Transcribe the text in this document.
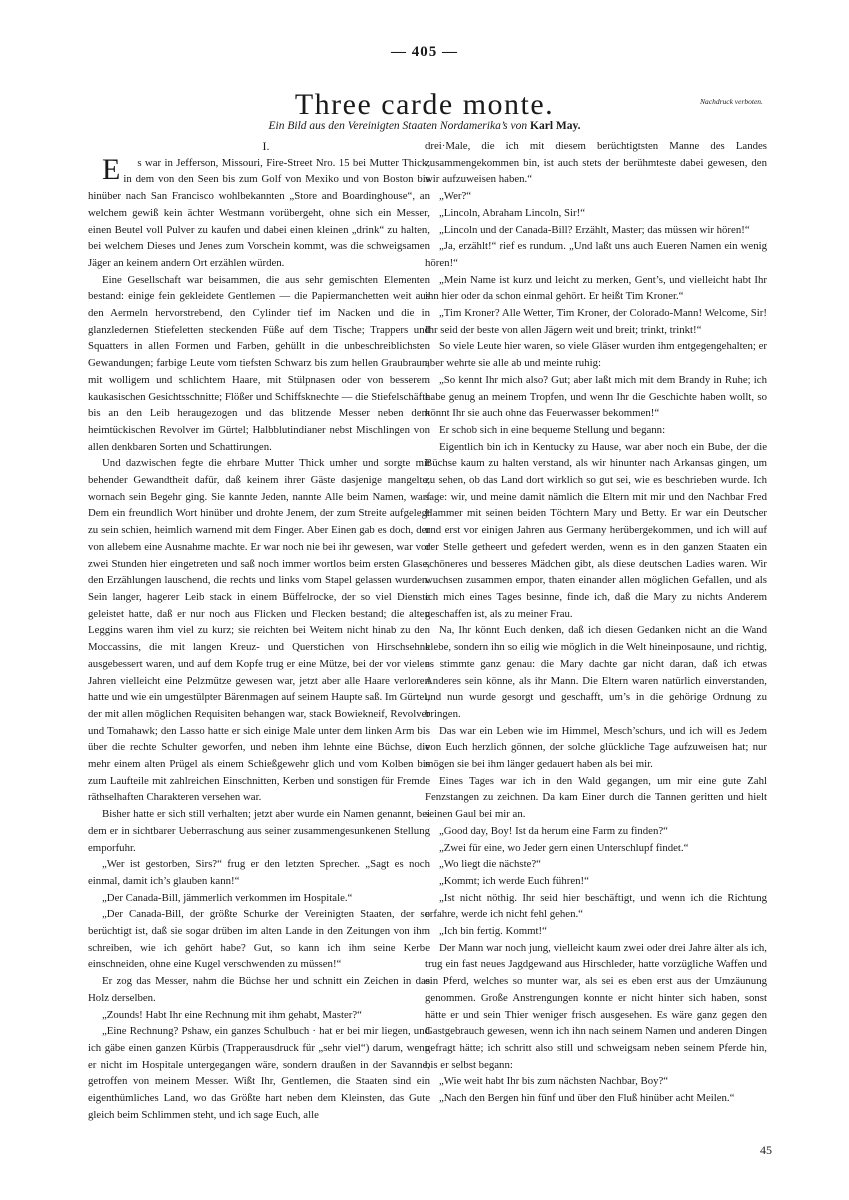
— 405 —
Three carde monte.	Nachdruck verboten.
Ein Bild aus den Vereinigten Staaten Nordamerika’s von Karl May.

I.

Es war in Jefferson, Missouri, Fire-Street Nro. 15 bei Mutter Thick, in dem von den Seen bis zum Golf von Mexiko und von Boston bis hinüber nach San Francisco wohlbekannten „Store and Boardinghouse“, an welchem gewiß kein ächter Westmann vorübergeht, ohne sich ein Messer, einen Beutel voll Pulver zu kaufen und dabei einen kleinen „drink“ zu halten, bei welchem Dieses und Jenes zum Vorschein kommt, was die schweigsamen Jäger an keinem andern Ort erzählen würden.

Eine Gesellschaft war beisammen, die aus sehr gemischten Elementen bestand: einige fein gekleidete Gentlemen — die Papiermanchetten weit aus den Aermeln hervorstrebend, den Cylinder tief im Nacken und die in glanzledernen Stiefeletten steckenden Füße auf dem Tische; Trappers und Squatters in allen Formen und Farben, gehüllt in die unbeschreiblichsten Gewandungen; farbige Leute vom tiefsten Schwarz bis zum hellen Graubraun, mit wolligem und schlichtem Haare, mit Stülpnasen oder von besserem kaukasischen Gesichtsschnitte; Flößer und Schiffsknechte — die Stiefelschäfte bis an den Leib heraugezogen und das blitzende Messer neben dem heimtückischen Revolver im Gürtel; Halbblutindianer nebst Mischlingen von allen denkbaren Sorten und Schattirungen.

Und dazwischen fegte die ehrbare Mutter Thick umher und sorgte mit behender Gewandtheit dafür, daß keinem ihrer Gäste dasjenige mangelte, wornach sein Begehr ging. Sie kannte Jeden, nannte Alle beim Namen, warf Dem ein freundlich Wort hinüber und drohte Jenem, der zum Streite aufgelegt zu sein schien, heimlich warnend mit dem Finger. Aber Einen gab es doch, der von allebem eine Ausnahme machte. Er war noch nie bei ihr gewesen, war vor zwei Stunden hier eingetreten und saß noch immer wortlos beim ersten Glase, den Erzählungen lauschend, die rechts und links vom Stapel gelassen wurden. Sein langer, hagerer Leib stack in einem Büffelrocke, der so viel Dienste geleistet hatte, daß er nur noch aus Flicken und Flecken bestand; die alten Leggins waren ihm viel zu kurz; sie reichten bei Weitem nicht hinab zu den Moccassins, die mit langen Kreuz- und Querstichen von Hirschsehne ausgebessert waren, und auf dem Kopfe trug er eine Mütze, bei der vor vielen Jahren vielleicht eine Pelzmütze gewesen war, jetzt aber alle Haare verloren hatte und wie ein umgestülpter Bärenmagen auf seinem Haupte saß. Im Gürtel, der mit allen möglichen Requisiten behangen war, stack Bowiekneif, Revolver und Tomahawk; den Lasso hatte er sich einige Male unter dem linken Arm bis über die rechte Schulter geworfen, und neben ihm lehnte eine Büchse, die mehr einem alten Prügel als einem Schießgewehr glich und vom Kolben bis zum Laufteile mit zahlreichen Einschnitten, Kerben und sonstigen für Fremde räthselhaften Charakteren versehen war.

Bisher hatte er sich still verhalten; jetzt aber wurde ein Namen genannt, bei dem er in sichtbarer Ueberraschung aus seiner zusammengesunkenen Stellung emporfuhr.

„Wer ist gestorben, Sirs?“ frug er den letzten Sprecher. „Sagt es noch einmal, damit ich’s glauben kann!“

„Der Canada-Bill, jämmerlich verkommen im Hospitale.“

„Der Canada-Bill, der größte Schurke der Vereinigten Staaten, der so berüchtigt ist, daß sie sogar drüben im alten Lande in den Zeitungen von ihm schreiben, wie ich gehört habe? Gut, so kann ich ihm seine Kerbe einschneiden, ohne eine Kugel verschwenden zu müssen!“

Er zog das Messer, nahm die Büchse her und schnitt ein Zeichen in das Holz derselben.

„Zounds! Habt Ihr eine Rechnung mit ihm gehabt, Master?“

„Eine Rechnung? Pshaw, ein ganzes Schulbuch · hat er bei mir liegen, und ich gäbe einen ganzen Kürbis (Trapperausdruck für „sehr viel“) darum, wenn er nicht im Hospitale untergegangen wäre, sondern draußen in der Savanne, getroffen von meinem Messer. Wißt Ihr, Gentlemen, die Staaten sind ein eigenthümliches Land, wo das Größte hart neben dem Kleinsten, das Gute gleich beim Schlimmen steht, und ich sage Euch, alle

drei·Male, die ich mit diesem berüchtigtsten Manne des Landes zusammengekommen bin, ist auch stets der berühmteste dabei gewesen, den wir aufzuweisen haben.“

„Wer?“

„Lincoln, Abraham Lincoln, Sir!“

„Lincoln und der Canada-Bill? Erzählt, Master; das müssen wir hören!“

„Ja, erzählt!“ rief es rundum. „Und laßt uns auch Eueren Namen ein wenig hören!“

„Mein Name ist kurz und leicht zu merken, Gent’s, und vielleicht habt Ihr ihn hier oder da schon einmal gehört. Er heißt Tim Kroner.“

„Tim Kroner? Alle Wetter, Tim Kroner, der Colorado-Mann! Welcome, Sir! Ihr seid der beste von allen Jägern weit und breit; trinkt, trinkt!“

So viele Leute hier waren, so viele Gläser wurden ihm entgegengehalten; er aber wehrte sie alle ab und meinte ruhig:

„So kennt Ihr mich also? Gut; aber laßt mich mit dem Brandy in Ruhe; ich habe genug an meinem Tropfen, und wenn Ihr die Geschichte haben wollt, so könnt Ihr sie auch ohne das Feuerwasser bekommen!“

Er schob sich in eine bequeme Stellung und begann:

Eigentlich bin ich in Kentucky zu Hause, war aber noch ein Bube, der die Büchse kaum zu halten verstand, als wir hinunter nach Arkansas gingen, um zu sehen, ob das Land dort wirklich so gut sei, wie es beschrieben wurde. Ich sage: wir, und meine damit nämlich die Eltern mit mir und den Nachbar Fred Hammer mit seinen beiden Töchtern Mary und Betty. Er war ein Deutscher und erst vor einigen Jahren aus Germany herübergekommen, und ich will auf der Stelle getheert und gefedert werden, wenn es in den ganzen Staaten ein schöneres und besseres Mädchen gibt, als diese deutschen Ladies waren. Wir wuchsen zusammen empor, thaten einander allen möglichen Gefallen, und als ich mich eines Tages besinne, finde ich, daß die Mary zu nichts Anderem geschaffen ist, als zu meiner Frau.

Na, Ihr könnt Euch denken, daß ich diesen Gedanken nicht an die Wand klebe, sondern ihn so eilig wie möglich in die Welt hineinposaune, und richtig, es stimmte ganz genau: die Mary dachte gar nicht daran, daß ich etwas Anderes sein könne, als ihr Mann. Die Eltern waren natürlich einverstanden, und nun wurde gesorgt und geschafft, um’s in die gehörige Ordnung zu bringen.

Das war ein Leben wie im Himmel, Mesch’schurs, und ich will es Jedem von Euch herzlich gönnen, der solche glückliche Tage aufzuweisen hat; nur mögen sie bei ihm länger gedauert haben als bei mir.

Eines Tages war ich in den Wald gegangen, um mir eine gute Zahl Fenzstangen zu zeichnen. Da kam Einer durch die Tannen geritten und hielt seinen Gaul bei mir an.

„Good day, Boy! Ist da herum eine Farm zu finden?“

„Zwei für eine, wo Jeder gern einen Unterschlupf findet.“

„Wo liegt die nächste?“

„Kommt; ich werde Euch führen!“

„Ist nicht nöthig. Ihr seid hier beschäftigt, und wenn ich die Richtung erfahre, werde ich nicht fehl gehen.“

„Ich bin fertig. Kommt!“

Der Mann war noch jung, vielleicht kaum zwei oder drei Jahre älter als ich, trug ein fast neues Jagdgewand aus Hirschleder, hatte vorzügliche Waffen und ein Pferd, welches so munter war, als sei es eben erst aus der Umzäunung genommen. Große Anstrengungen konnte er nicht hinter sich haben, sonst hätte er und sein Thier weniger frisch ausgesehen. Es wäre ganz gegen den Gastgebrauch gewesen, wenn ich ihn nach seinem Namen und anderen Dingen gefragt hätte; ich schritt also still und schweigsam neben seinem Pferde hin, bis er selbst begann:

„Wie weit habt Ihr bis zum nächsten Nachbar, Boy?“

„Nach den Bergen hin fünf und über den Fluß hinüber acht Meilen.“

45
